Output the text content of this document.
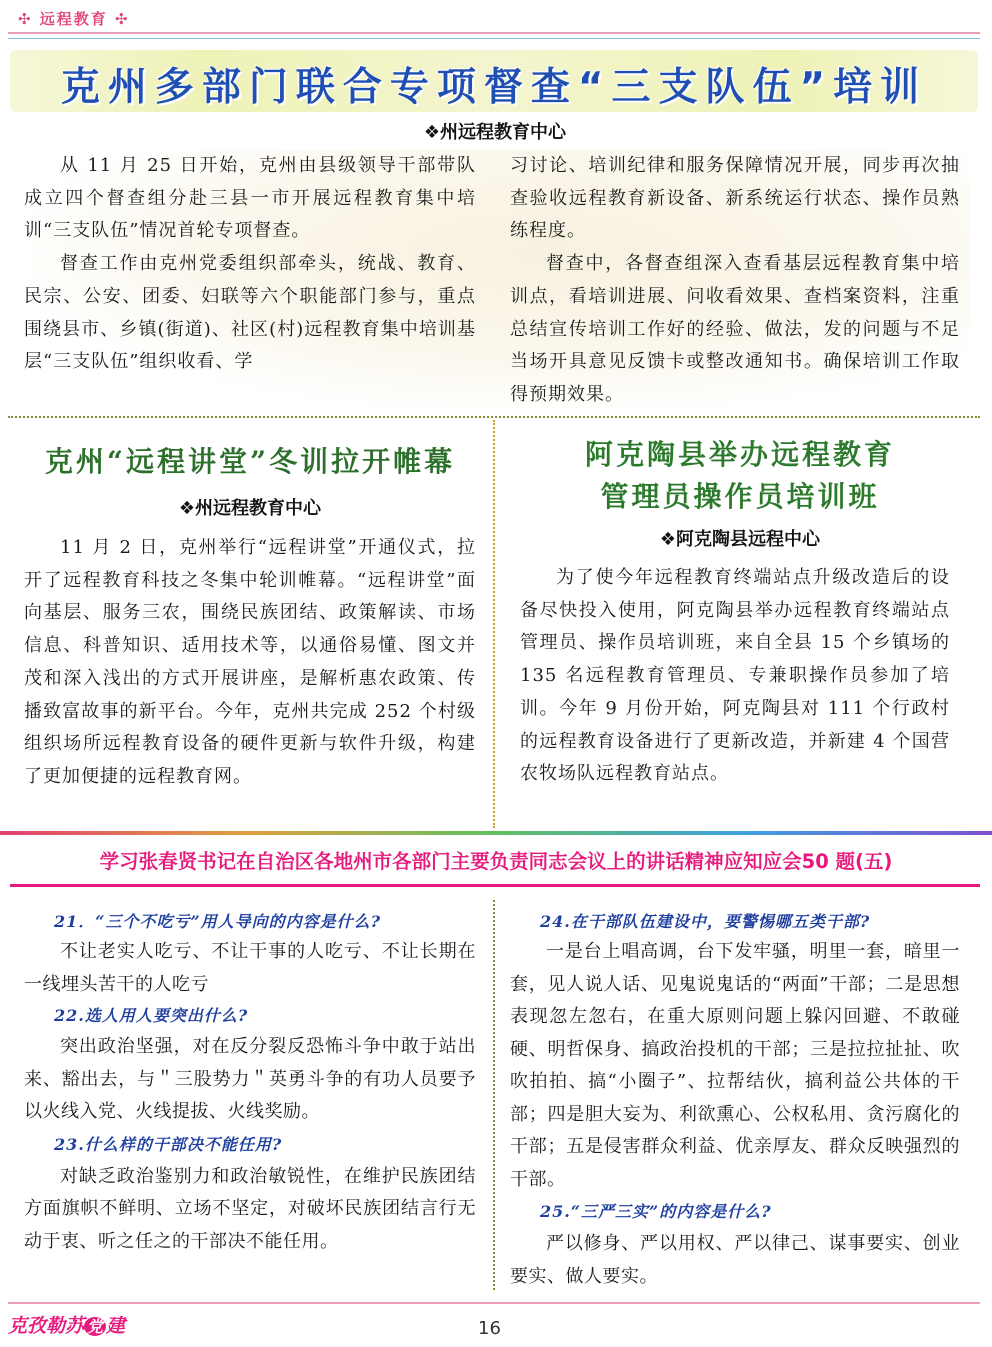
✣ 远程教育 ✣
克州多部门联合专项督查“三支队伍”培训
❖州远程教育中心

从 11 月 25 日开始，克州由县级领导干部带队成立四个督查组分赴三县一市开展远程教育集中培训“三支队伍”情况首轮专项督查。

督查工作由克州党委组织部牵头，统战、教育、民宗、公安、团委、妇联等六个职能部门参与，重点围绕县市、乡镇(街道)、社区(村)远程教育集中培训基层“三支队伍”组织收看、学

习讨论、培训纪律和服务保障情况开展，同步再次抽查验收远程教育新设备、新系统运行状态、操作员熟练程度。

督查中，各督查组深入查看基层远程教育集中培训点，看培训进展、问收看效果、查档案资料，注重总结宣传培训工作好的经验、做法，发的问题与不足当场开具意见反馈卡或整改通知书。确保培训工作取得预期效果。

克州“远程讲堂”冬训拉开帷幕
❖州远程教育中心

11 月 2 日，克州举行“远程讲堂”开通仪式，拉开了远程教育科技之冬集中轮训帷幕。“远程讲堂”面向基层、服务三农，围绕民族团结、政策解读、市场信息、科普知识、适用技术等，以通俗易懂、图文并茂和深入浅出的方式开展讲座，是解析惠农政策、传播致富故事的新平台。今年，克州共完成 252 个村级组织场所远程教育设备的硬件更新与软件升级，构建了更加便捷的远程教育网。

阿克陶县举办远程教育
管理员操作员培训班
❖阿克陶县远程中心

为了使今年远程教育终端站点升级改造后的设备尽快投入使用，阿克陶县举办远程教育终端站点管理员、操作员培训班，来自全县 15 个乡镇场的 135 名远程教育管理员、专兼职操作员参加了培训。今年 9 月份开始，阿克陶县对 111 个行政村的远程教育设备进行了更新改造，并新建 4 个国营农牧场队远程教育站点。

学习张春贤书记在自治区各地州市各部门主要负责同志会议上的讲话精神应知应会50 题(五)

21．“三个不吃亏”用人导向的内容是什么?

不让老实人吃亏、不让干事的人吃亏、不让长期在一线埋头苦干的人吃亏

22.选人用人要突出什么?

突出政治坚强，对在反分裂反恐怖斗争中敢于站出来、豁出去，与＂三股势力＂英勇斗争的有功人员要予以火线入党、火线提拔、火线奖励。

23.什么样的干部决不能任用?

对缺乏政治鉴别力和政治敏锐性，在维护民族团结方面旗帜不鲜明、立场不坚定，对破坏民族团结言行无动于衷、听之任之的干部决不能任用。

24.在干部队伍建设中，要警惕哪五类干部?

一是台上唱高调，台下发牢骚，明里一套，暗里一套，见人说人话、见鬼说鬼话的“两面”干部；二是思想表现忽左忽右，在重大原则问题上躲闪回避、不敢碰硬、明哲保身、搞政治投机的干部；三是拉拉扯扯、吹吹拍拍、搞“小圈子”、拉帮结伙，搞利益公共体的干部；四是胆大妄为、利欲熏心、公权私用、贪污腐化的干部；五是侵害群众利益、优亲厚友、群众反映强烈的干部。

25.“三严三实”的内容是什么?

严以修身、严以用权、严以律己、谋事要实、创业要实、做人要实。

克孜勒苏 党 建	16
